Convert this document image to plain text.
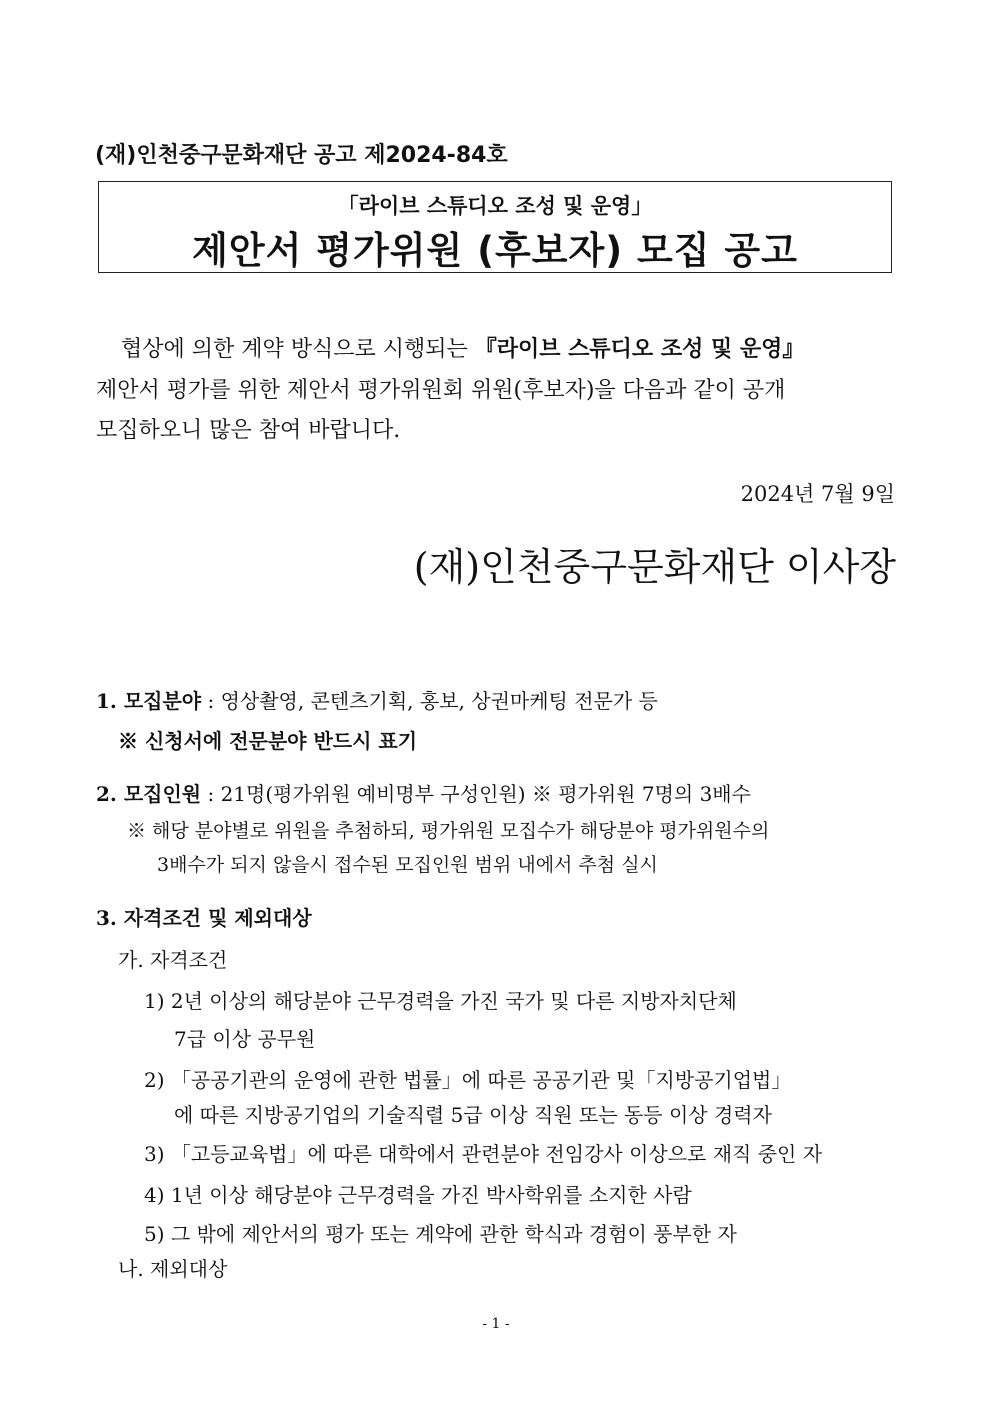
(재)인천중구문화재단 공고 제2024-84호
「라이브 스튜디오 조성 및 운영」
제안서 평가위원 (후보자) 모집 공고
협상에 의한 계약 방식으로 시행되는 『라이브 스튜디오 조성 및 운영』
제안서 평가를 위한 제안서 평가위원회 위원(후보자)을 다음과 같이 공개
모집하오니 많은 참여 바랍니다.
2024년 7월 9일
(재)인천중구문화재단 이사장
1. 모집분야 : 영상촬영, 콘텐츠기획, 홍보, 상권마케팅 전문가 등
※ 신청서에 전문분야 반드시 표기
2. 모집인원 : 21명(평가위원 예비명부 구성인원) ※ 평가위원 7명의 3배수
※ 해당 분야별로 위원을 추첨하되, 평가위원 모집수가 해당분야 평가위원수의
3배수가 되지 않을시 접수된 모집인원 범위 내에서 추첨 실시
3. 자격조건 및 제외대상
가. 자격조건
1) 2년 이상의 해당분야 근무경력을 가진 국가 및 다른 지방자치단체
7급 이상 공무원
2) 「공공기관의 운영에 관한 법률」에 따른 공공기관 및「지방공기업법」
에 따른 지방공기업의 기술직렬 5급 이상 직원 또는 동등 이상 경력자
3) 「고등교육법」에 따른 대학에서 관련분야 전임강사 이상으로 재직 중인 자
4) 1년 이상 해당분야 근무경력을 가진 박사학위를 소지한 사람
5) 그 밖에 제안서의 평가 또는 계약에 관한 학식과 경험이 풍부한 자
나. 제외대상
- 1 -
